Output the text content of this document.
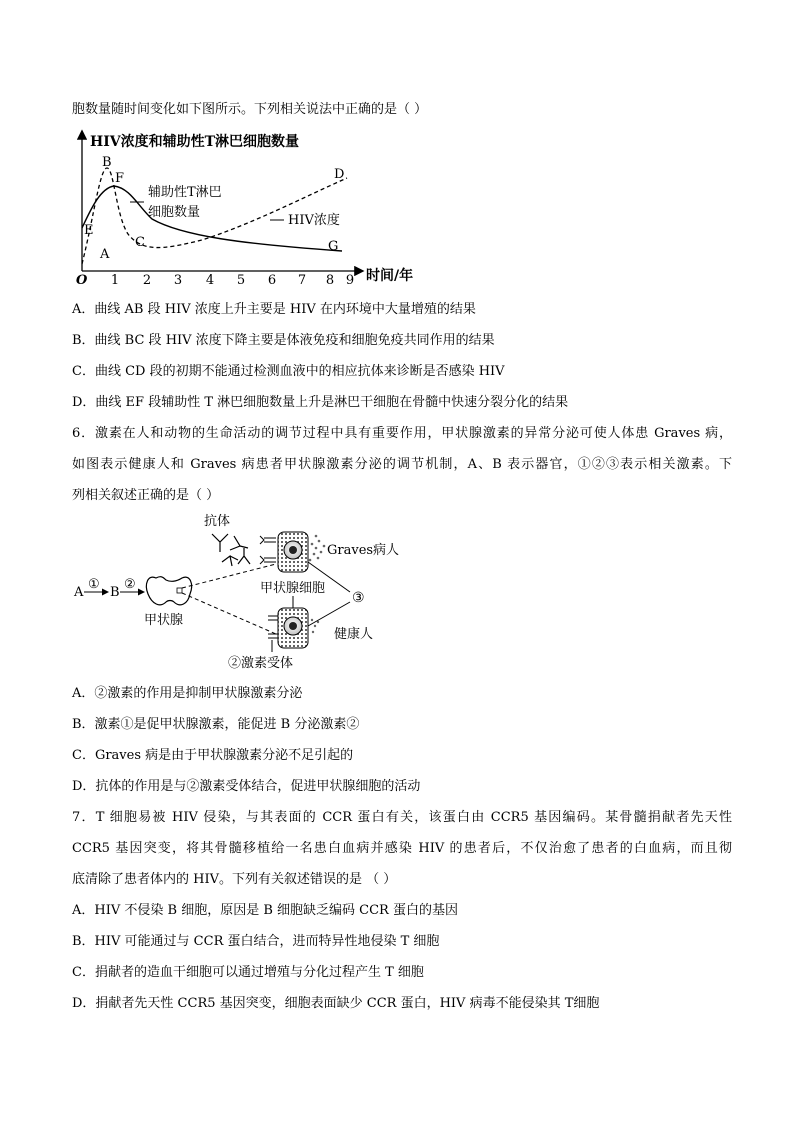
胞数量随时间变化如下图所示。下列相关说法中正确的是（ ）
HIV浓度和辅助性T淋巴细胞数量
时间/年
O 1 2 3 4 5 6 7 8 9
A
B
C
D
E
F
G
辅助性T淋巴
细胞数量
HIV浓度
A．曲线 AB 段 HIV 浓度上升主要是 HIV 在内环境中大量增殖的结果
B．曲线 BC 段 HIV 浓度下降主要是体液免疫和细胞免疫共同作用的结果
C．曲线 CD 段的初期不能通过检测血液中的相应抗体来诊断是否感染 HIV
D．曲线 EF 段辅助性 T 淋巴细胞数量上升是淋巴干细胞在骨髓中快速分裂分化的结果
6．激素在人和动物的生命活动的调节过程中具有重要作用，甲状腺激素的异常分泌可使人体患 Graves 病，
如图表示健康人和 Graves 病患者甲状腺激素分泌的调节机制，A、B 表示器官，①②③表示相关激素。下
列相关叙述正确的是（ ）
抗体
Graves病人
健康人
甲状腺细胞
③
A
①
B
②
甲状腺
②激素受体
A．②激素的作用是抑制甲状腺激素分泌
B．激素①是促甲状腺激素，能促进 B 分泌激素②
C．Graves 病是由于甲状腺激素分泌不足引起的
D．抗体的作用是与②激素受体结合，促进甲状腺细胞的活动
7．T 细胞易被 HIV 侵染，与其表面的 CCR 蛋白有关，该蛋白由 CCR5 基因编码。某骨髓捐献者先天性
CCR5 基因突变，将其骨髓移植给一名患白血病并感染 HIV 的患者后，不仅治愈了患者的白血病，而且彻
底清除了患者体内的 HIV。下列有关叙述错误的是 （ ）
A．HIV 不侵染 B 细胞，原因是 B 细胞缺乏编码 CCR 蛋白的基因
B．HIV 可能通过与 CCR 蛋白结合，进而特异性地侵染 T 细胞
C．捐献者的造血干细胞可以通过增殖与分化过程产生 T 细胞
D．捐献者先天性 CCR5 基因突变，细胞表面缺少 CCR 蛋白，HIV 病毒不能侵染其 T细胞
